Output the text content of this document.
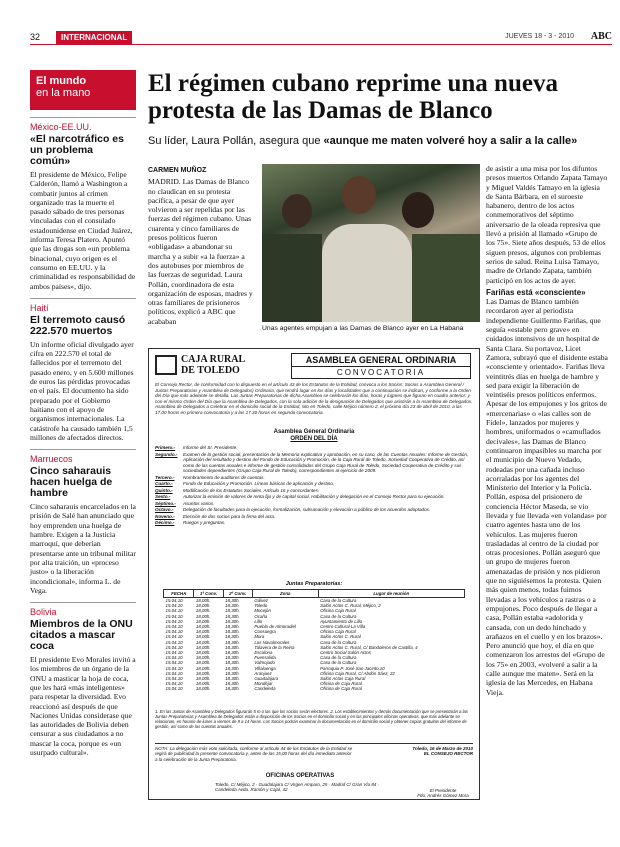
32	INTERNACIONAL	JUEVES 18 - 3 - 2010 ABC
El mundo
en la mano
México-EE.UU.
«El narcotráfico es un problema común»
El presidente de México, Felipe Calderón, llamó a Washington a combatir juntos al crimen organizado tras la muerte el pasado sábado de tres personas vinculadas con el consulado estadounidense en Ciudad Juárez, informa Teresa Platero. Apuntó que las drogas son «un problema binacional, cuyo origen es el consumo en EE.UU. y la criminalidad es responsabilidad de ambos países», dijo.
Haití
El terremoto causó 222.570 muertos
Un informe oficial divulgado ayer cifra en 222.570 el total de fallecidos por el terremoto del pasado enero, y en 5.600 millones de euros las pérdidas provocadas en el país. El documento ha sido preparado por el Gobierno haitiano con el apoyo de organismos internacionales. La catástrofe ha causado también 1,5 millones de afectados directos.
Marruecos
Cinco saharauis hacen huelga de hambre
Cinco saharauis encarcelados en la prisión de Salé han anunciado que hoy emprenden una huelga de hambre. Exigen a la Justicia marroquí, que deberían presentarse ante un tribunal militar por alta traición, un «proceso justo» o la liberación incondicional», informa L. de Vega.
Bolivia
Miembros de la ONU citados a mascar coca
El presidente Evo Morales invitó a los miembros de un órgano de la ONU a masticar la hoja de coca, que les hará «más inteligentes» para respetar la diversidad. Evo reaccionó así después de que Naciones Unidas considerase que las autoridades de Bolivia deben censurar a sus ciudadanos a no mascar la coca, porque es «un usurpado cultural».
El régimen cubano reprime una nueva protesta de las Damas de Blanco
Su líder, Laura Pollán, asegura que «aunque me maten volveré hoy a salir a la calle»
CARMEN MUÑOZ
MADRID. Las Damas de Blanco no claudican en su protesta pacífica, a pesar de que ayer volvieron a ser repelidas por las fuerzas del régimen cubano. Unas cuarenta y cinco familiares de presos políticos fueron «obligadas» a abandonar su marcha y a subir «a la fuerza» a dos autobuses por miembros de las fuerzas de seguridad. Laura Pollán, coordinadora de esta organización de esposas, madres y otras familiares de prisioneros políticos, explicó a ABC que acababan
Unas agentes empujan a las Damas de Blanco ayer en La Habana
de asistir a una misa por los difuntos presos muertos Orlando Zapata Tamayo y Miguel Valdés Tamayo en la iglesia de Santa Bárbara, en el suroeste habanero, dentro de los actos conmemorativos del séptimo aniversario de la oleada represiva que llevó a prisión al llamado «Grupo de los 75». Siete años después, 53 de ellos siguen presos, algunos con problemas serios de salud. Reina Luisa Tamayo, madre de Orlando Zapata, también participó en los actos de ayer.
Fariñas está «consciente»
Las Damas de Blanco también recordaron ayer al periodista independiente Guillermo Fariñas, que seguía «estable pero grave» en cuidados intensivos de un hospital de Santa Clara. Su portavoz, Licet Zamora, subrayó que el disidente estaba «consciente y orientado». Fariñas lleva veintitrés días en huelga de hambre y sed para exigir la liberación de veintiséis presos políticos enfermos. Apesar de los empujones y los gritos de «mercenarias» o «las calles son de Fidel», lanzados por mujeres y hombres, uniformados o «camuflados decivales», las Damas de Blanco continuaron impasibles su marcha por el municipio de Nuevo Vedado, rodeadas por una cañada incluso acorraladas por los agentes del Ministerio del Interior y la Policía. Pollán, esposa del prisionero de conciencia Héctor Maseda, se vio llevada y fue llevada «en volandas» por cuatro agentes hasta uno de los vehículos. Las mujeres fueron trasladadas al centro de la ciudad por otras procesiones. Pollán aseguró que un grupo de mujeres fueron amenazadas de prisión y nos pidieron que no siguiésemos la protesta. Quien más quien menos, todas fuimos llevadas a los vehículos a rastras o a empujones. Poco después de llegar a casa, Pollán estaba «adolorida y cansada, con un dedo hinchado y arañazos en el cuello y en los brazos». Pero anunció que hoy, el día en que comenzaron los arrestos del «Grupo de los 75» en 2003, «volveré a salir a la calle aunque me maten». Será en la iglesia de las Mercedes, en Habana Vieja.
CAJA RURAL
DE TOLEDO
ASAMBLEA GENERAL ORDINARIA
CONVOCATORIA
El Consejo Rector, de conformidad con lo dispuesto en el artículo 43 de los Estatutos de la Entidad, convoca a los Socios: Socios a Asamblea General / Juntas Preparatorias y Asamblea de Delegados) Ordinaria, que tendrá lugar en los días y localidades que a continuación se indican, y conforme a la Orden del Día que más adelante se detalla. Las Juntas Preparatorias de dicha Asamblea se celebrarán los días, horas y lugares que figuran en cuadro anterior; y con el mismo Orden del Día que la Asamblea de Delegados, con la sola adición de la designación de Delegados que asistirán a la Asamblea de Delegados. Asamblea de Delegados a Celebrar en el domicilio social de la Entidad, sito en Toledo, calle Méjico número 2, el próximo día 23 de abril de 2010, a las 17.00 horas en primera convocatoria y a las 17.30 horas en segunda convocatoria.
Asamblea General Ordinaria
ORDEN DEL DÍA
Primero.-	Informe del Sr. Presidente.
Segundo.-	Examen de la gestión social, presentación de la Memoria explicativa y aprobación, en su caso, de las Cuentas Anuales: Informe de Gestión, Aplicación del resultado y destino del Fondo de Educación y Promoción, de la Caja Rural de Toledo, Sociedad Cooperativa de Crédito, así como de las cuentas anuales e informe de gestión consolidados del Grupo Caja Rural de Toledo, Sociedad Cooperativa de Crédito y sus sociedades dependientes (Grupo Caja Rural de Toledo), correspondientes al ejercicio de 2009.
Tercero.-	Nombramiento de auditores de cuentas.
Cuarto.-	Fondo de Educación y Promoción. Líneas básicas de aplicación y destino.
Quinto.-	Modificación de los Estatutos Sociales. Artículo 16 y concordantes.
Sexto.-	Autorizar la emisión de valores de renta fija y de capital social. Habilitación y delegación en el Consejo Rector para su ejecución.
Séptimo.-	Asuntos varios.
Octavo.-	Delegación de facultades para la ejecución, formalización, subsanación y elevación a público de los acuerdos adoptados.
Noveno.-	Elección de dos socios para la firma del acta.
Décimo.-	Ruegos y preguntas.
Juntas Preparatorias:
FECHA	1ª Conv.	2ª Conv.	Zona	Lugar de reunión
15.04.10	18,00h.	18,30h.	Gálvez	Casa de la Cultura
15.04.10	18,00h.	18,30h.	Toledo	Salón Actos C. Rural, Méjico, 2
15.04.10	18,00h.	18,30h.	Mocejón	Oficina Caja Rural
15.04.10	18,00h.	18,30h.	Ocaña	Casa de la Cultura
15.04.10	18,00h.	18,30h.	Lillo	Ayuntamiento de Lillo
15.04.10	18,00h.	18,30h.	Puebla de Almoradiel	Centro Cultural La Villa
15.04.10	18,00h.	18,30h.	Consuegra	Oficina Caja Rural
15.04.10	18,00h.	18,30h.	Mora	Salón Actos C. Rural
15.04.10	18,00h.	18,30h.	Los Navalmorales	Casa de la Cultura
15.04.10	18,00h.	18,30h.	Talavera de la Reina	Salón Actos C. Rural, C/ Bandoleros de Castilla, 4
15.04.10	18,00h.	18,30h.	Escalona	Centro Social Salón Actos
15.04.10	18,00h.	18,30h.	Fuensalida	Casa de la Cultura
15.04.10	18,00h.	18,30h.	Valmojado	Casa de la Cultura
15.04.10	18,00h.	18,30h.	Villaluenga	Parroquia P. José San Jacinto,10
15.04.10	18,00h.	18,30h.	Aranjuez	Oficina Caja Rural, C/ Abdón Sáez, 22
15.04.10	18,00h.	18,30h.	Guadalajara	Salón Actos Caja Rural
15.04.10	18,00h.	18,30h.	Mondéjar	Oficina de Caja Rural
15.04.10	18,00h.	18,30h.	Candeleda	Oficina de Caja Rural
1. En las Juntas de Asamblea y Delegados figurarán 5 m o las que los socios serán electores. 2. Los establecimientos y demás documentación que se presentarán a las Juntas Preparatorias y Asamblea de Delegados están a disposición de los Socios en el domicilio social y en las principales oficinas operativas, que más adelante se relacionan, en horario de lunes a viernes de 9 a 14 horas. Los Socios podrán examinar la documentación en el domicilio social y obtener copias gratuitas del informe de gestión, así como de las cuentas anuales.
NOTA: La delegación más voto solicitada, conforme al artículo 44 de los Estatutos de la Entidad se regirá de publicidad la presente convocatoria y, antes de las 15,00 horas del día inmediato anterior a la celebración de la Junta Preparatoria.
Toledo, 16 de Marzo de 2010
EL CONSEJO RECTOR
OFICINAS OPERATIVAS
Toledo, C/ Méjico, 2 · Guadalajara C/ Virgen Amparo, 25 · Madrid C/ Gran Vía 84 · Candeleda Avda. Ramón y Cajal, 42	El Presidente
Fdo. Andrés Gómez Mora
